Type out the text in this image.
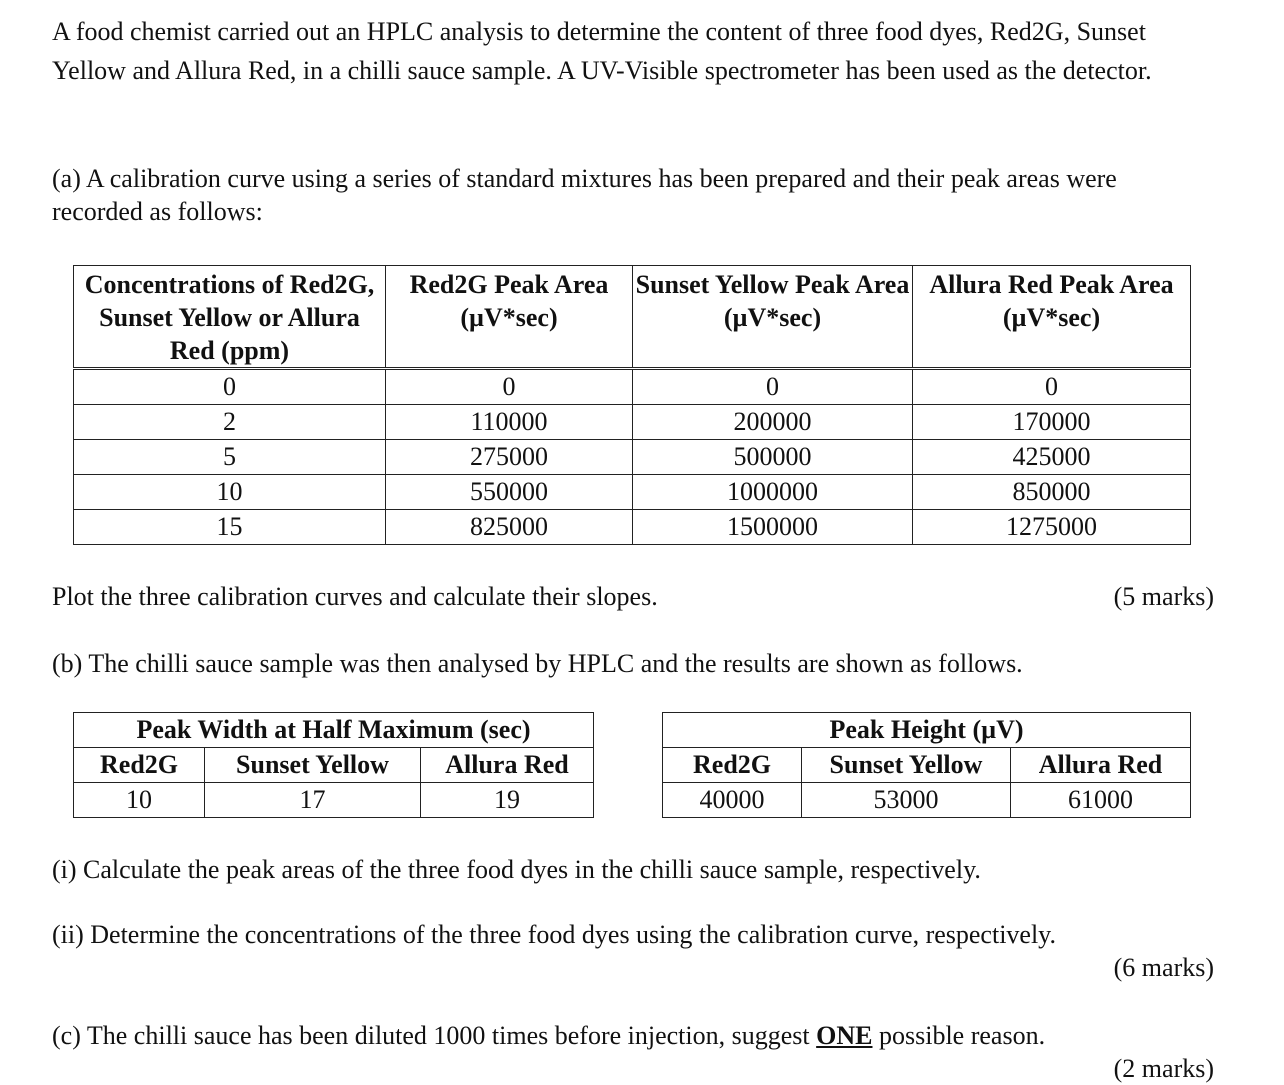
A food chemist carried out an HPLC analysis to determine the content of three food dyes, Red2G, Sunset Yellow and Allura Red, in a chilli sauce sample. A UV-Visible spectrometer has been used as the detector.

(a) A calibration curve using a series of standard mixtures has been prepared and their peak areas were recorded as follows:

Concentrations of Red2G, Sunset Yellow or Allura Red (ppm)	Red2G Peak Area (µV*sec)	Sunset Yellow Peak Area (µV*sec)	Allura Red Peak Area (µV*sec)
0	0	0	0
2	110000	200000	170000
5	275000	500000	425000
10	550000	1000000	850000
15	825000	1500000	1275000
Plot the three calibration curves and calculate their slopes.	(5 marks)

(b) The chilli sauce sample was then analysed by HPLC and the results are shown as follows.

Peak Width at Half Maximum (sec)		
Red2G	Sunset Yellow	Allura Red
10	17	19
Peak Height (µV)		
Red2G	Sunset Yellow	Allura Red
40000	53000	61000

(i) Calculate the peak areas of the three food dyes in the chilli sauce sample, respectively.

(ii) Determine the concentrations of the three food dyes using the calibration curve, respectively.
(6 marks)
(c) The chilli sauce has been diluted 1000 times before injection, suggest ONE possible reason.
(2 marks)
